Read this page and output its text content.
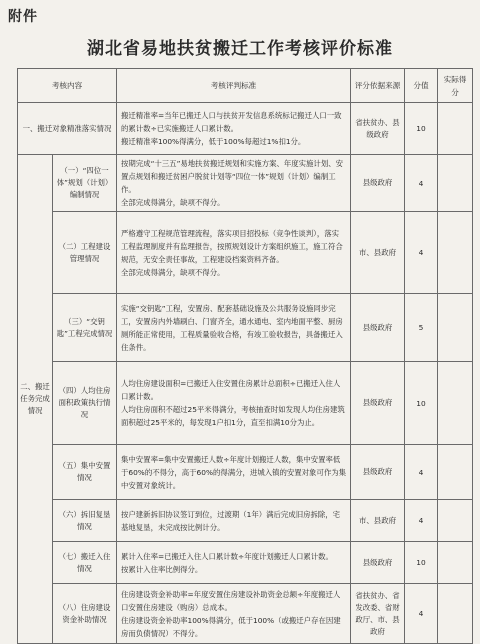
附件
湖北省易地扶贫搬迁工作考核评价标准
考核内容		考核评判标准	评分依据来源	分值	实际得分
一、搬迁对象精准落实情况		搬迁精准率=当年已搬迁人口与扶贫开发信息系统标记搬迁人口一致的累计数÷已实施搬迁人口累计数。
搬迁精准率100%得满分，低于100%每超过1%扣1分。	省扶贫办、县级政府	10	
二、搬迁任务完成情况	（一）“四位一体”规划（计划）编制情况	按期完成“十三五”易地扶贫搬迁规划和实施方案、年度实施计划、安置点规划和搬迁贫困户脱贫计划等“四位一体”规划（计划）编制工作。
全部完成得满分，缺项不得分。	县级政府	4	
	（二）工程建设管理情况	严格遵守工程规范管理流程，落实项目招投标（竞争性谈判），落实工程监理制度并有监理报告，按照规划设计方案组织施工，施工符合规范，无安全责任事故，工程建设档案资料齐备。
全部完成得满分，缺项不得分。	市、县政府	4	
	（三）“交钥匙”工程完成情况	实施“交钥匙”工程，安置房、配套基础设施及公共服务设施同步完工，安置房内外墙刷白、门窗齐全，通水通电、室内地面平整、厨房厕所能正常使用，工程质量验收合格，有竣工验收报告，具备搬迁入住条件。	县级政府	5	
	（四）人均住房面积政策执行情况	人均住房建设面积=已搬迁入住安置住房累计总面积÷已搬迁入住人口累计数。
人均住房面积不超过25平米得满分，考核抽查时如发现人均住房建筑面积超过25平米的，每发现1户扣1分，直至扣满10分为止。	县级政府	10	
	（五）集中安置情况	集中安置率=集中安置搬迁人数÷年度计划搬迁人数，集中安置率低于60%的不得分，高于60%的得满分，进城入镇的安置对象可作为集中安置对象统计。	县级政府	4	
	（六）拆旧复垦情况	按户建新拆旧协议签订到位，过渡期（1年）满后完成旧房拆除，宅基地复垦，未完成按比例计分。	市、县政府	4	
	（七）搬迁入住情况	累计入住率=已搬迁入住人口累计数÷年度计划搬迁人口累计数。
按累计入住率比例得分。	县级政府	10	
	（八）住房建设资金补助情况	住房建设资金补助率=年度安置住房建设补助资金总额÷年度搬迁人口安置住房建设（购房）总成本。
住房建设资金补助率100%得满分，低于100%（或搬迁户存在因建房而负债情况）不得分。	省扶贫办、省发改委、省财政厅、市、县政府	4	
